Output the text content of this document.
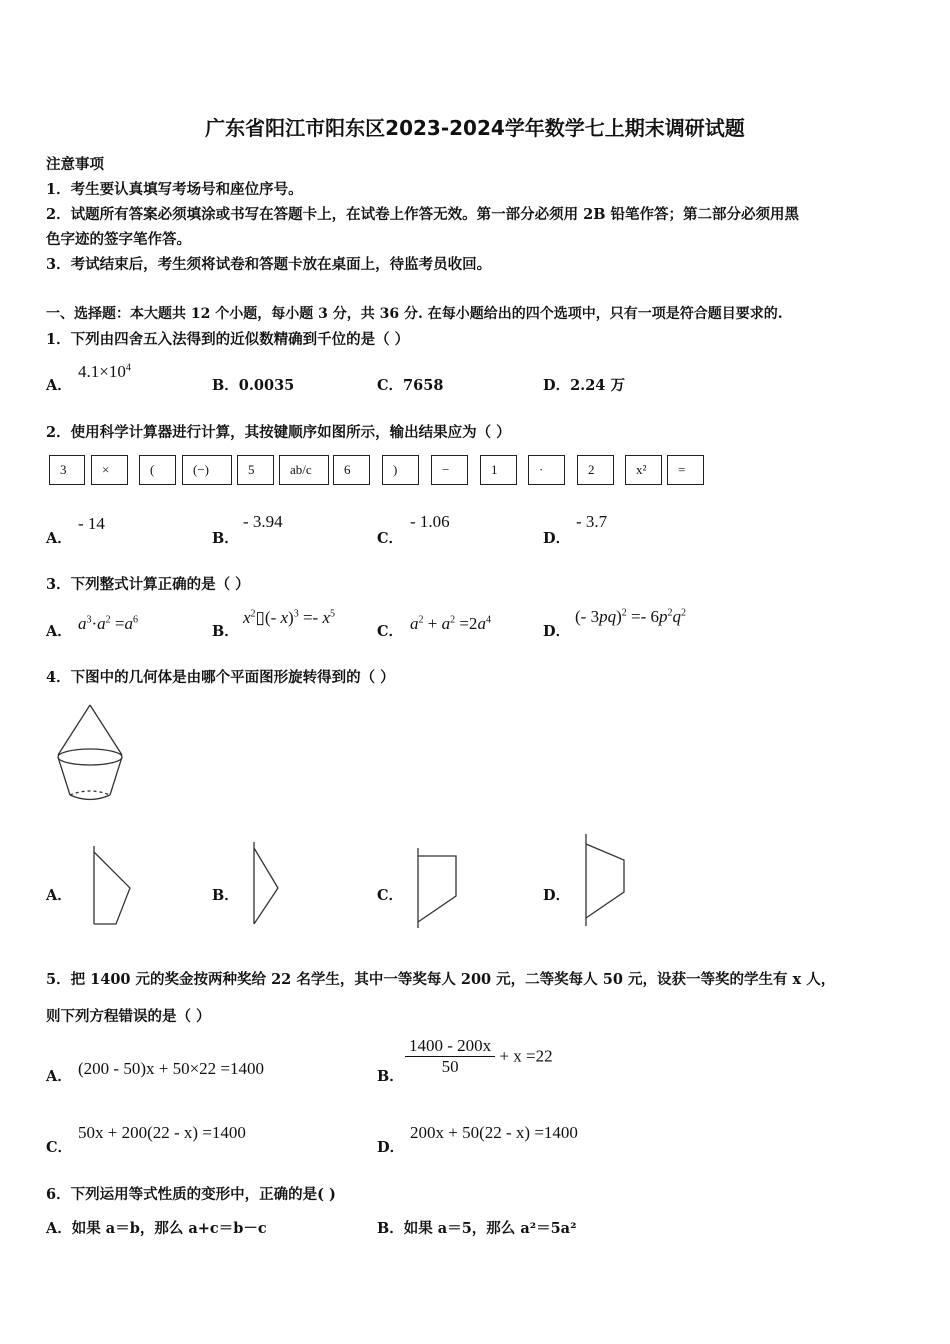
广东省阳江市阳东区2023-2024学年数学七上期末调研试题
注意事项
1．考生要认真填写考场号和座位序号。
2．试题所有答案必须填涂或书写在答题卡上，在试卷上作答无效。第一部分必须用 2B 铅笔作答；第二部分必须用黑
色字迹的签字笔作答。
3．考试结束后，考生须将试卷和答题卡放在桌面上，待监考员收回。
一、选择题：本大题共 12 个小题，每小题 3 分，共 36 分. 在每小题给出的四个选项中，只有一项是符合题目要求的.
1．下列由四舍五入法得到的近似数精确到千位的是（ ）
A．
$4.1\times 10^4$
B．0.0035	C．7658	D．2.24 万
2．使用科学计算器进行计算，其按键顺序如图所示，输出结果应为（ ）
3	×	(	(−)	5	ab/c 6	)	−	1	·	2	x² =
A．
- 14
B．
- 3.94
C．
- 1.06
D．
- 3.7
3．下列整式计算正确的是（ ）
A． $a^3\cdot a^2 =a^6$
B．
$x^2▯(-$ $x)^3 =- x^5$
C． $a^2 + a^2 =2a^4$
D．
(- $3pq)^2 =- 6p^2q^2$
4．下图中的几何体是由哪个平面图形旋转得到的（ ）
A．	B．	C．	D．
5．把 1400 元的奖金按两种奖给 22 名学生，其中一等奖每人 200 元，二等奖每人 50 元，设获一等奖的学生有 x 人，
则下列方程错误的是（ ）
A． (200 - 50)x + 50×22 =1400	B． $\frac{1400 - 200x}{50} + x =22$
C．
50x + 200(22 - x) =1400
D．
200x + 50(22 - x) =1400
6．下列运用等式性质的变形中，正确的是( )
A．如果 a＝b，那么 a+c＝b－c	B．如果 a＝5，那么 a²＝5a²
